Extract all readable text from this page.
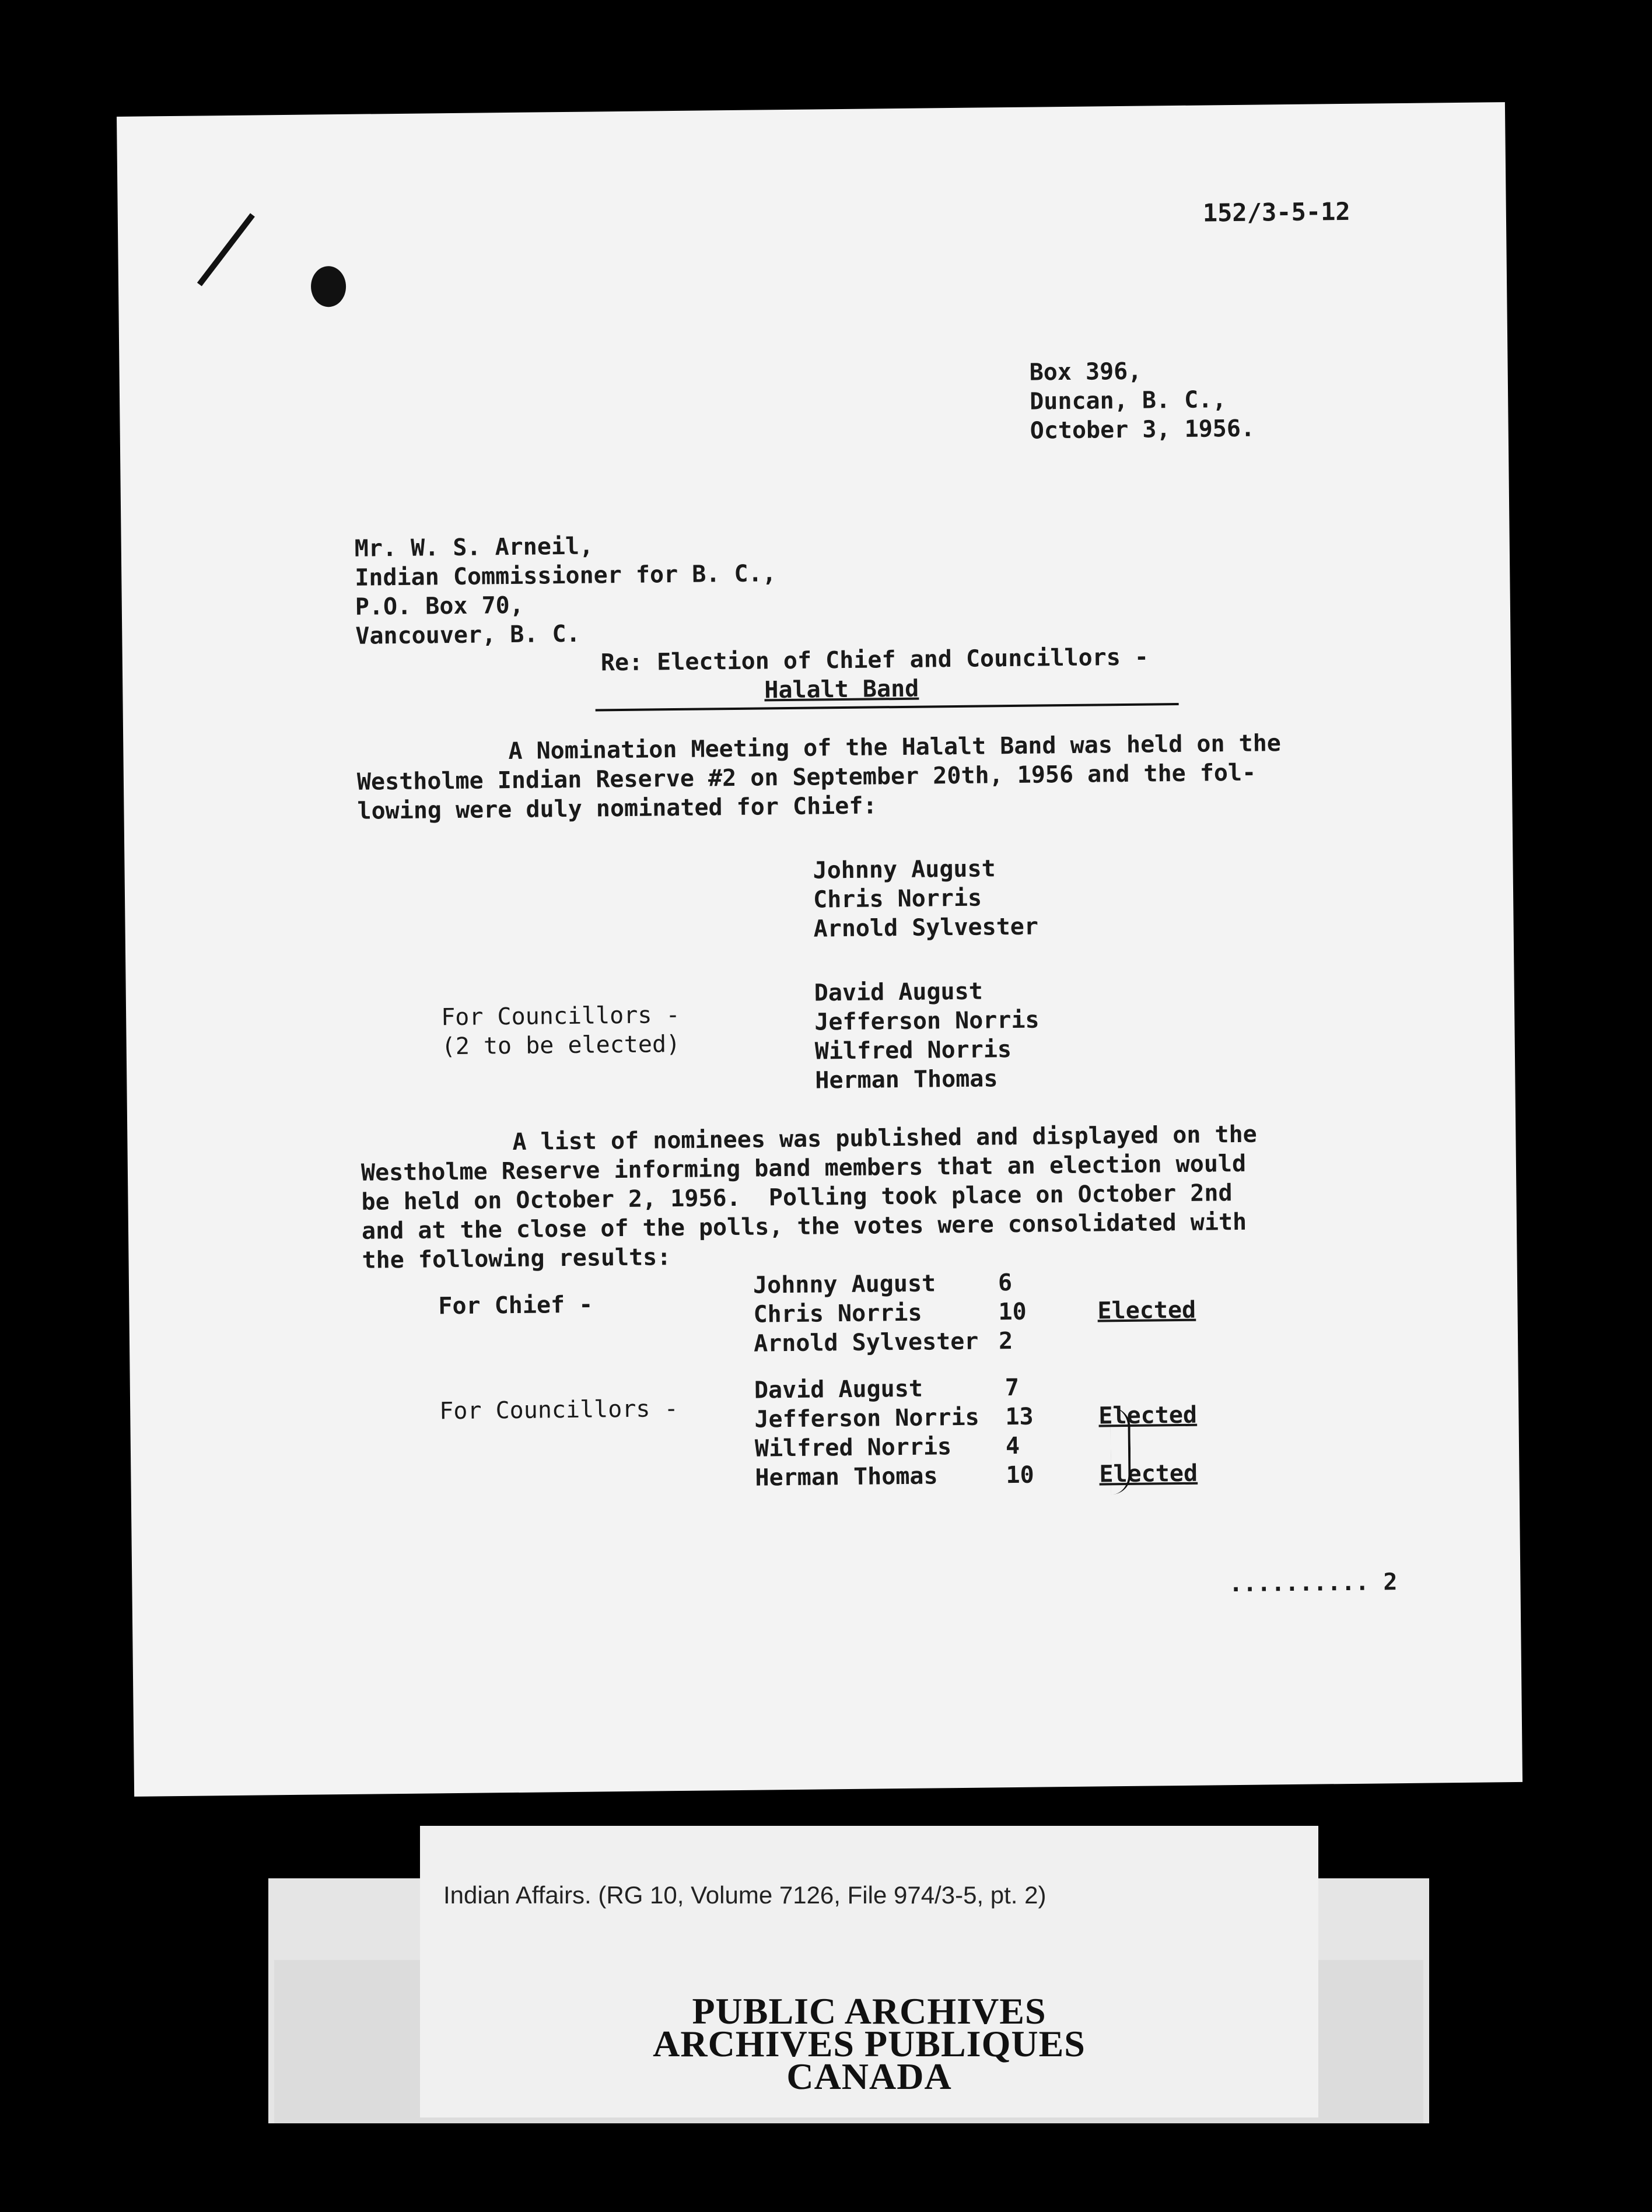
152/3-5-12
Box 396,
Duncan, B. C.,
October 3, 1956.
Mr. W. S. Arneil,
Indian Commissioner for B. C.,
P.O. Box 70,
Vancouver, B. C.
Re: Election of Chief and Councillors -
Halalt Band
A Nomination Meeting of the Halalt Band was held on the
Westholme Indian Reserve #2 on September 20th, 1956 and the fol-
lowing were duly nominated for Chief:
Johnny August
Chris Norris
Arnold Sylvester
For Councillors -
(2 to be elected)
David August
Jefferson Norris
Wilfred Norris
Herman Thomas
A list of nominees was published and displayed on the
Westholme Reserve informing band members that an election would
be held on October 2, 1956.  Polling took place on October 2nd
and at the close of the polls, the votes were consolidated with
the following results:
For Chief -
Johnny August
Chris Norris
Arnold Sylvester
6
10
2
Elected
For Councillors -
David August
Jefferson Norris
Wilfred Norris
Herman Thomas
7
13
4
10
Elected
Elected
.......... 2
Indian Affairs. (RG 10, Volume 7126, File 974/3-5, pt. 2)
PUBLIC ARCHIVES
ARCHIVES PUBLIQUES
CANADA
